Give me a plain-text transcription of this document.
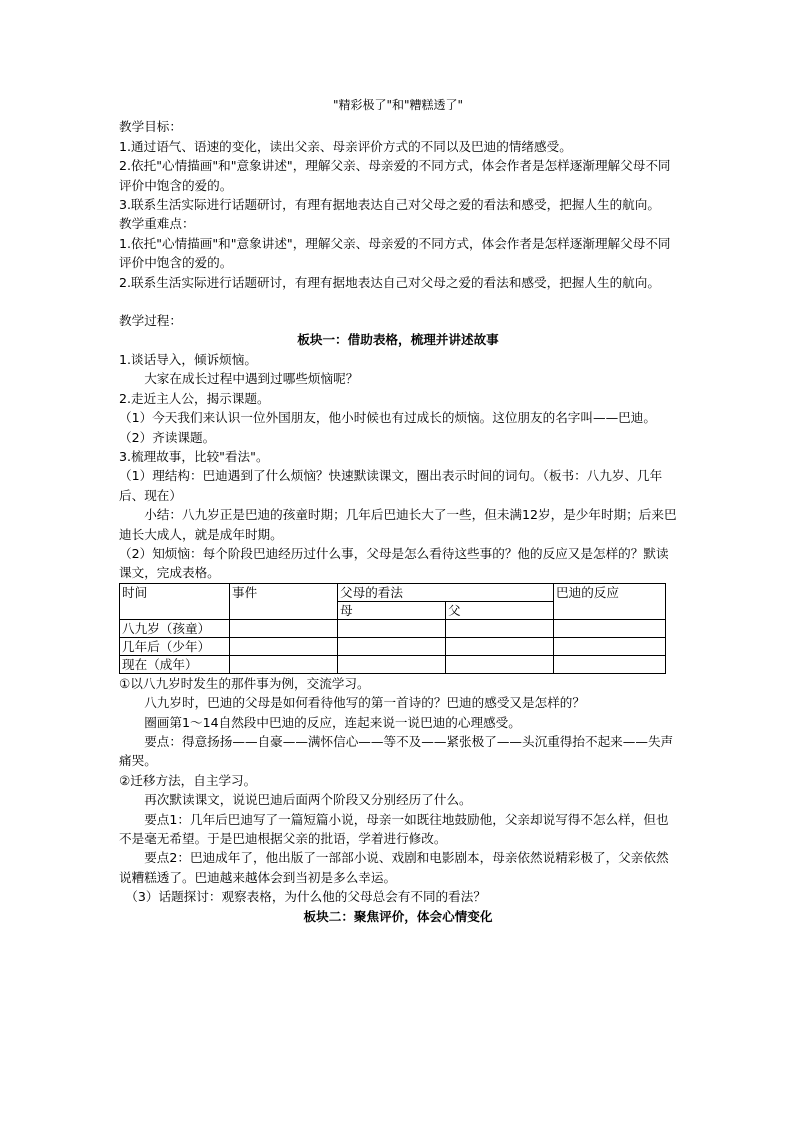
"精彩极了"和"糟糕透了"

教学目标：

1.通过语气、语速的变化，读出父亲、母亲评价方式的不同以及巴迪的情绪感受。

2.依托"心情描画"和"意象讲述"，理解父亲、母亲爱的不同方式，体会作者是怎样逐渐理解父母不同评价中饱含的爱的。

3.联系生活实际进行话题研讨，有理有据地表达自己对父母之爱的看法和感受，把握人生的航向。

教学重难点：

1.依托"心情描画"和"意象讲述"，理解父亲、母亲爱的不同方式，体会作者是怎样逐渐理解父母不同评价中饱含的爱的。

2.联系生活实际进行话题研讨，有理有据地表达自己对父母之爱的看法和感受，把握人生的航向。

教学过程：

板块一：借助表格，梳理并讲述故事

1.谈话导入，倾诉烦恼。

大家在成长过程中遇到过哪些烦恼呢？

2.走近主人公，揭示课题。

（1）今天我们来认识一位外国朋友，他小时候也有过成长的烦恼。这位朋友的名字叫——巴迪。

（2）齐读课题。

3.梳理故事，比较"看法"。

（1）理结构：巴迪遇到了什么烦恼？快速默读课文，圈出表示时间的词句。（板书：八九岁、几年后、现在）

小结：八九岁正是巴迪的孩童时期；几年后巴迪长大了一些，但未满12岁，是少年时期；后来巴迪长大成人，就是成年时期。

（2）知烦恼：每个阶段巴迪经历过什么事，父母是怎么看待这些事的？他的反应又是怎样的？默读课文，完成表格。

时间	事件	父母的看法		巴迪的反应
		母	父	
八九岁（孩童）				
几年后（少年）				
现在（成年）				

①以八九岁时发生的那件事为例，交流学习。

八九岁时，巴迪的父母是如何看待他写的第一首诗的？巴迪的感受又是怎样的？

圈画第1～14自然段中巴迪的反应，连起来说一说巴迪的心理感受。

要点：得意扬扬——自豪——满怀信心——等不及——紧张极了——头沉重得抬不起来——失声痛哭。

②迁移方法，自主学习。

再次默读课文，说说巴迪后面两个阶段又分别经历了什么。

要点1：几年后巴迪写了一篇短篇小说，母亲一如既往地鼓励他，父亲却说写得不怎么样，但也不是毫无希望。于是巴迪根据父亲的批语，学着进行修改。

要点2：巴迪成年了，他出版了一部部小说、戏剧和电影剧本，母亲依然说精彩极了，父亲依然说糟糕透了。巴迪越来越体会到当初是多么幸运。

（3）话题探讨：观察表格，为什么他的父母总会有不同的看法？

板块二：聚焦评价，体会心情变化
